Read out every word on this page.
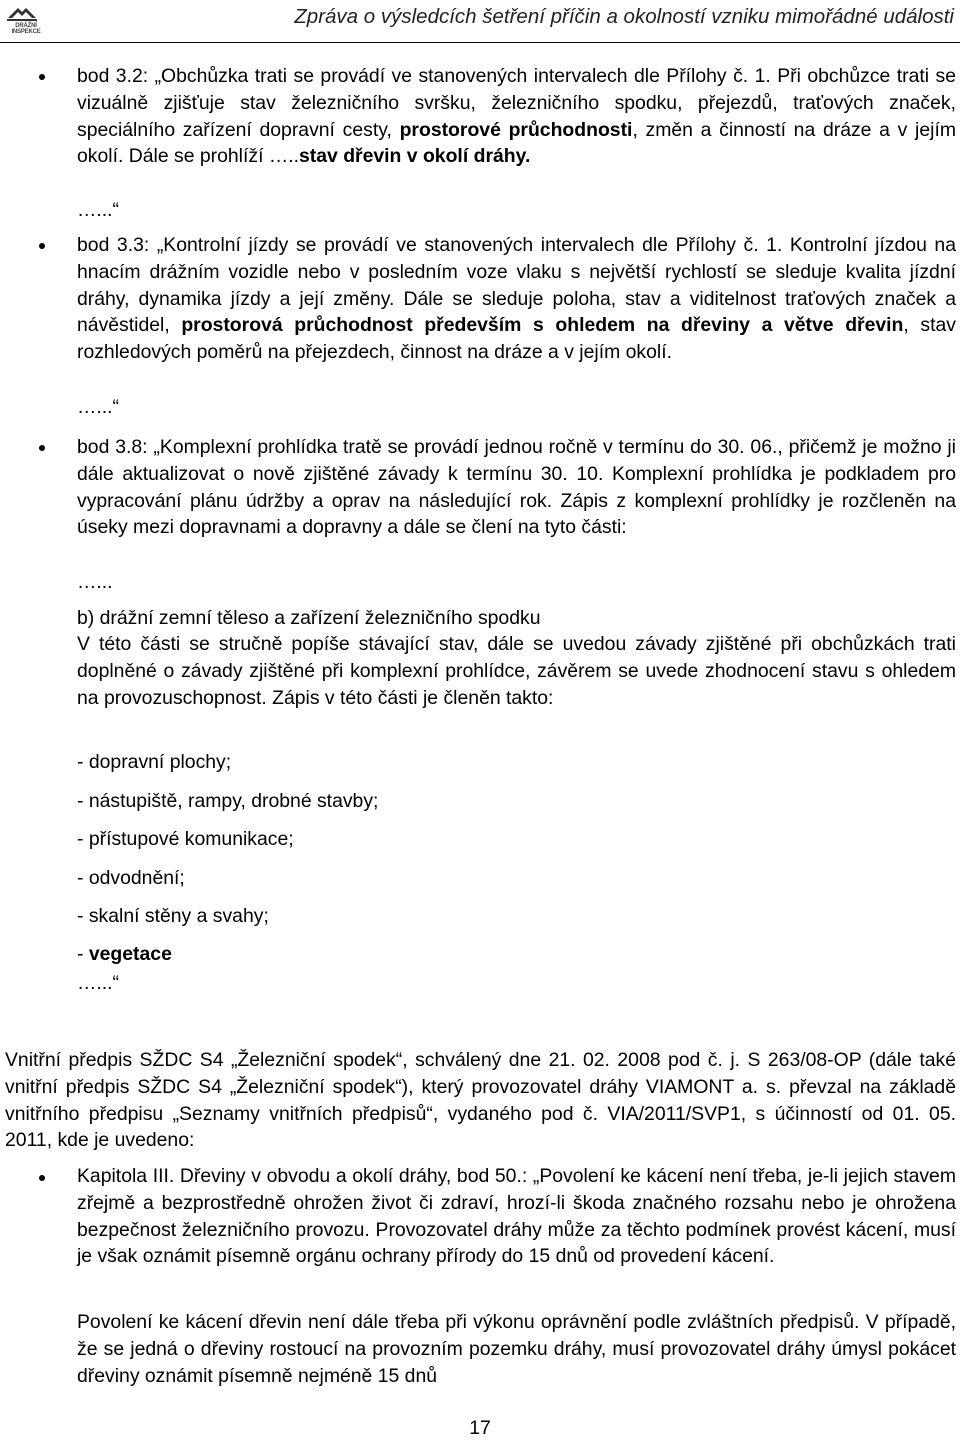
DRÁŽNÍ INSPEKCE
Zpráva o výsledcích šetření příčin a okolností vzniku mimořádné události

bod 3.2: „Obchůzka trati se provádí ve stanovených intervalech dle Přílohy č. 1. Při obchůzce trati se vizuálně zjišťuje stav železničního svršku, železničního spodku, přejezdů, traťových značek, speciálního zařízení dopravní cesty, prostorové průchodnosti, změn a činností na dráze a v jejím okolí. Dále se prohlíží …..stav dřevin v okolí dráhy.

…...“

bod 3.3: „Kontrolní jízdy se provádí ve stanovených intervalech dle Přílohy č. 1. Kontrolní jízdou na hnacím drážním vozidle nebo v posledním voze vlaku s největší rychlostí se sleduje kvalita jízdní dráhy, dynamika jízdy a její změny. Dále se sleduje poloha, stav a viditelnost traťových značek a návěstidel, prostorová průchodnost především s ohledem na dřeviny a větve dřevin, stav rozhledových poměrů na přejezdech, činnost na dráze a v jejím okolí.

…...“

bod 3.8: „Komplexní prohlídka tratě se provádí jednou ročně v termínu do 30. 06., přičemž je možno ji dále aktualizovat o nově zjištěné závady k termínu 30. 10. Komplexní prohlídka je podkladem pro vypracování plánu údržby a oprav na následující rok. Zápis z komplexní prohlídky je rozčleněn na úseky mezi dopravnami a dopravny a dále se člení na tyto části:

…...

b) drážní zemní těleso a zařízení železničního spodku

V této části se stručně popíše stávající stav, dále se uvedou závady zjištěné při obchůzkách trati doplněné o závady zjištěné při komplexní prohlídce, závěrem se uvede zhodnocení stavu s ohledem na provozuschopnost. Zápis v této části je členěn takto:

- dopravní plochy;

- nástupiště, rampy, drobné stavby;

- přístupové komunikace;

- odvodnění;

- skalní stěny a svahy;

- vegetace

…...“

Vnitřní předpis SŽDC S4 „Železniční spodek“, schválený dne 21. 02. 2008 pod č. j. S 263/08-OP (dále také vnitřní předpis SŽDC S4 „Železniční spodek“), který provozovatel dráhy VIAMONT a. s. převzal na základě vnitřního předpisu „Seznamy vnitřních předpisů“, vydaného pod č. VIA/2011/SVP1, s účinností od 01. 05. 2011, kde je uvedeno:

Kapitola III. Dřeviny v obvodu a okolí dráhy, bod 50.: „Povolení ke kácení není třeba, je-li jejich stavem zřejmě a bezprostředně ohrožen život či zdraví, hrozí-li škoda značného rozsahu nebo je ohrožena bezpečnost železničního provozu. Provozovatel dráhy může za těchto podmínek provést kácení, musí je však oznámit písemně orgánu ochrany přírody do 15 dnů od provedení kácení.

Povolení ke kácení dřevin není dále třeba při výkonu oprávnění podle zvláštních předpisů. V případě, že se jedná o dřeviny rostoucí na provozním pozemku dráhy, musí provozovatel dráhy úmysl pokácet dřeviny oznámit písemně nejméně 15 dnů

17
